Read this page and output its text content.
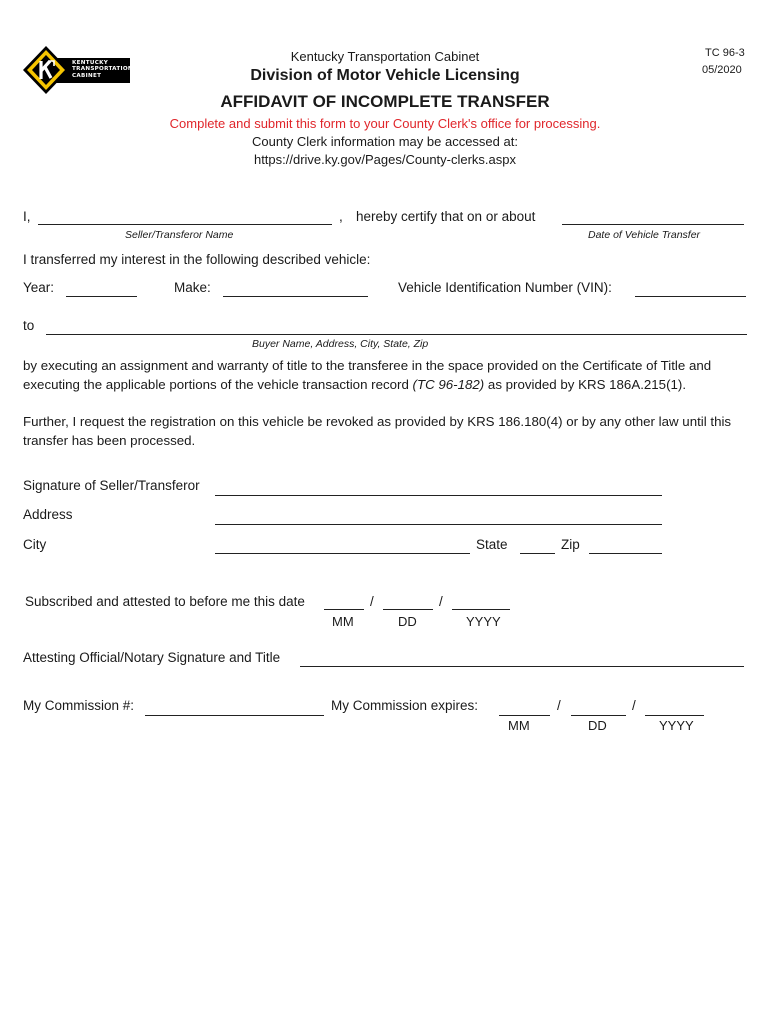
KENTUCKY
TRANSPORTATION
CABINET
Kentucky Transportation Cabinet
Division of Motor Vehicle Licensing
AFFIDAVIT OF INCOMPLETE TRANSFER
Complete and submit this form to your County Clerk's office for processing.
County Clerk information may be accessed at:
https://drive.ky.gov/Pages/County-clerks.aspx
TC 96-3
05/2020
I,	, hereby certify that on or about
Seller/Transferor Name	Date of Vehicle Transfer
I transferred my interest in the following described vehicle:
Year:	Make:	Vehicle Identification Number (VIN):
to
Buyer Name, Address, City, State, Zip
by executing an assignment and warranty of title to the transferee in the space provided on the Certificate of Title and executing the applicable portions of the vehicle transaction record (TC 96-182) as provided by KRS 186A.215(1).
Further, I request the registration on this vehicle be revoked as provided by KRS 186.180(4) or by any other law until this transfer has been processed.
Signature of Seller/Transferor
Address
City	State	Zip
Subscribed and attested to before me this date	/	/
MM	DD	YYYY
Attesting Official/Notary Signature and Title
My Commission #:	My Commission expires:	/	/
MM	DD	YYYY
